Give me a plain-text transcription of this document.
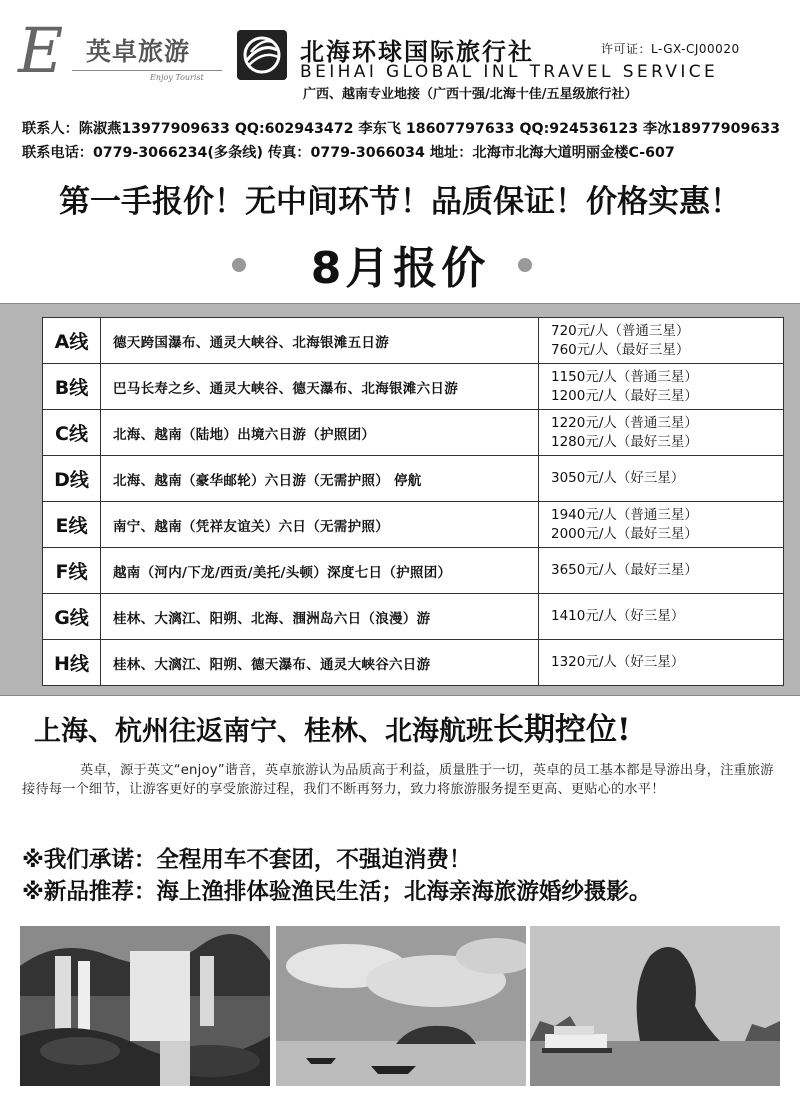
E 英卓旅游
Enjoy Tourist
北海环球国际旅行社	许可证：L-GX-CJ00020
BEIHAI GLOBAL INL TRAVEL SERVICE
广西、越南专业地接（广西十强/北海十佳/五星级旅行社）
联系人：陈淑燕13977909633 QQ:602943472 李东飞 18607797633 QQ:924536123 李冰18977909633
联系电话：0779-3066234(多条线) 传真：0779-3066034 地址：北海市北海大道明丽金楼C-607
第一手报价！无中间环节！品质保证！价格实惠！
8月报价
A线	德天跨国瀑布、通灵大峡谷、北海银滩五日游	720元/人（普通三星）
760元/人（最好三星）

B线	巴马长寿之乡、通灵大峡谷、德天瀑布、北海银滩六日游	1150元/人（普通三星）
1200元/人（最好三星）

C线	北海、越南（陆地）出境六日游（护照团）	1220元/人（普通三星）
1280元/人（最好三星）

D线	北海、越南（豪华邮轮）六日游（无需护照） 停航	3050元/人（好三星）

E线	南宁、越南（凭祥友谊关）六日（无需护照）	1940元/人（普通三星）
2000元/人（最好三星）

F线	越南（河内/下龙/西贡/美托/头顿）深度七日（护照团）	3650元/人（最好三星）

G线	桂林、大漓江、阳朔、北海、涠洲岛六日（浪漫）游	1410元/人（好三星）

H线	桂林、大漓江、阳朔、德天瀑布、通灵大峡谷六日游	1320元/人（好三星）
上海、杭州往返南宁、桂林、北海航班长期控位!
英卓，源于英文“enjoy”谐音，英卓旅游认为品质高于利益，质量胜于一切，英卓的员工基本都是导游出身，注重旅游接待每一个细节，让游客更好的享受旅游过程，我们不断再努力，致力将旅游服务提至更高、更贴心的水平！
※我们承诺：全程用车不套团，不强迫消费！
※新品推荐：海上渔排体验渔民生活；北海亲海旅游婚纱摄影。
